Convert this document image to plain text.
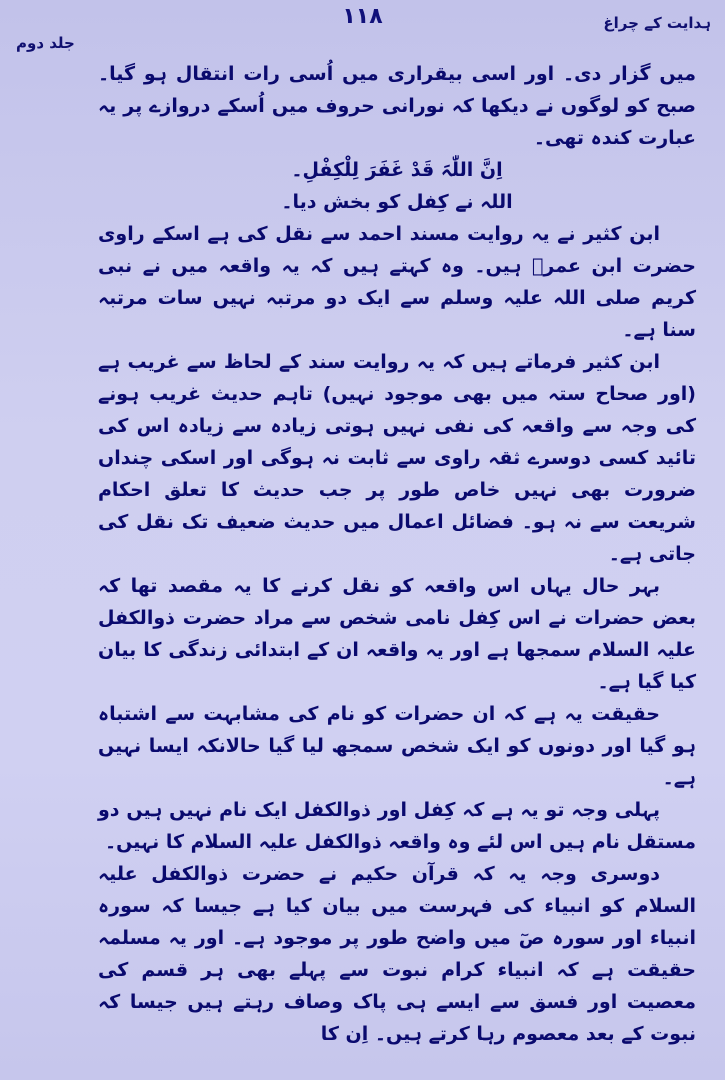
۱۱۸	ہدایت کے چراغ
جلد دوم

میں گزار دی۔ اور اسی بیقراری میں اُسی رات انتقال ہو گیا۔ صبح کو لوگوں نے دیکھا کہ نورانی حروف میں اُسکے دروازے پر یہ عبارت کندہ تھی۔

اِنَّ اللّٰہَ قَدْ غَفَرَ لِلْکِفْلِ۔

اللہ نے کِفل کو بخش دیا۔

ابن کثیر نے یہ روایت مسند احمد سے نقل کی ہے اسکے راوی حضرت ابن عمرؓ ہیں۔ وہ کہتے ہیں کہ یہ واقعہ میں نے نبی کریم صلی اللہ علیہ وسلم سے ایک دو مرتبہ نہیں سات مرتبہ سنا ہے۔

ابن کثیر فرماتے ہیں کہ یہ روایت سند کے لحاظ سے غریب ہے (اور صحاح ستہ میں بھی موجود نہیں) تاہم حدیث غریب ہونے کی وجہ سے واقعہ کی نفی نہیں ہوتی زیادہ سے زیادہ اس کی تائید کسی دوسرے ثقہ راوی سے ثابت نہ ہوگی اور اسکی چنداں ضرورت بھی نہیں خاص طور پر جب حدیث کا تعلق احکام شریعت سے نہ ہو۔ فضائل اعمال میں حدیث ضعیف تک نقل کی جاتی ہے۔

بہر حال یہاں اس واقعہ کو نقل کرنے کا یہ مقصد تھا کہ بعض حضرات نے اس کِفل نامی شخص سے مراد حضرت ذوالکفل علیہ السلام سمجھا ہے اور یہ واقعہ ان کے ابتدائی زندگی کا بیان کیا گیا ہے۔

حقیقت یہ ہے کہ ان حضرات کو نام کی مشابہت سے اشتباہ ہو گیا اور دونوں کو ایک شخص سمجھ لیا گیا حالانکہ ایسا نہیں ہے۔

پہلی وجہ تو یہ ہے کہ کِفل اور ذوالکفل ایک نام نہیں ہیں دو مستقل نام ہیں اس لئے وہ واقعہ ذوالکفل علیہ السلام کا نہیں۔

دوسری وجہ یہ کہ قرآن حکیم نے حضرت ذوالکفل علیہ السلام کو انبیاء کی فہرست میں بیان کیا ہے جیسا کہ سورہ انبیاء اور سورہ صٓ میں واضح طور پر موجود ہے۔ اور یہ مسلمہ حقیقت ہے کہ انبیاء کرام نبوت سے پہلے بھی ہر قسم کی معصیت اور فسق سے ایسے ہی پاک وصاف رہتے ہیں جیسا کہ نبوت کے بعد معصوم رہا کرتے ہیں۔ اِن کا
